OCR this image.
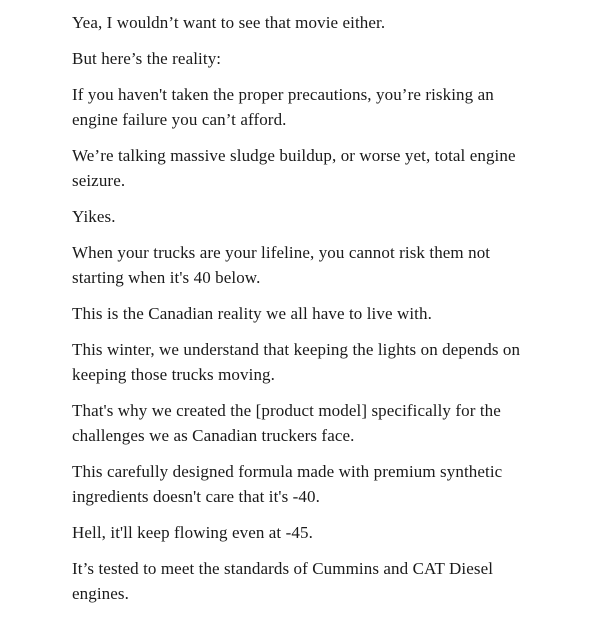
Yea, I wouldn’t want to see that movie either.

But here’s the reality:

If you haven't taken the proper precautions, you’re risking an
engine failure you can’t afford.

We’re talking massive sludge buildup, or worse yet, total engine
seizure.

Yikes.

When your trucks are your lifeline, you cannot risk them not
starting when it's 40 below.

This is the Canadian reality we all have to live with.

This winter, we understand that keeping the lights on depends on
keeping those trucks moving.

That's why we created the [product model] specifically for the
challenges we as Canadian truckers face.

This carefully designed formula made with premium synthetic
ingredients doesn't care that it's -40.

Hell, it'll keep flowing even at -45.

It’s tested to meet the standards of Cummins and CAT Diesel
engines.
